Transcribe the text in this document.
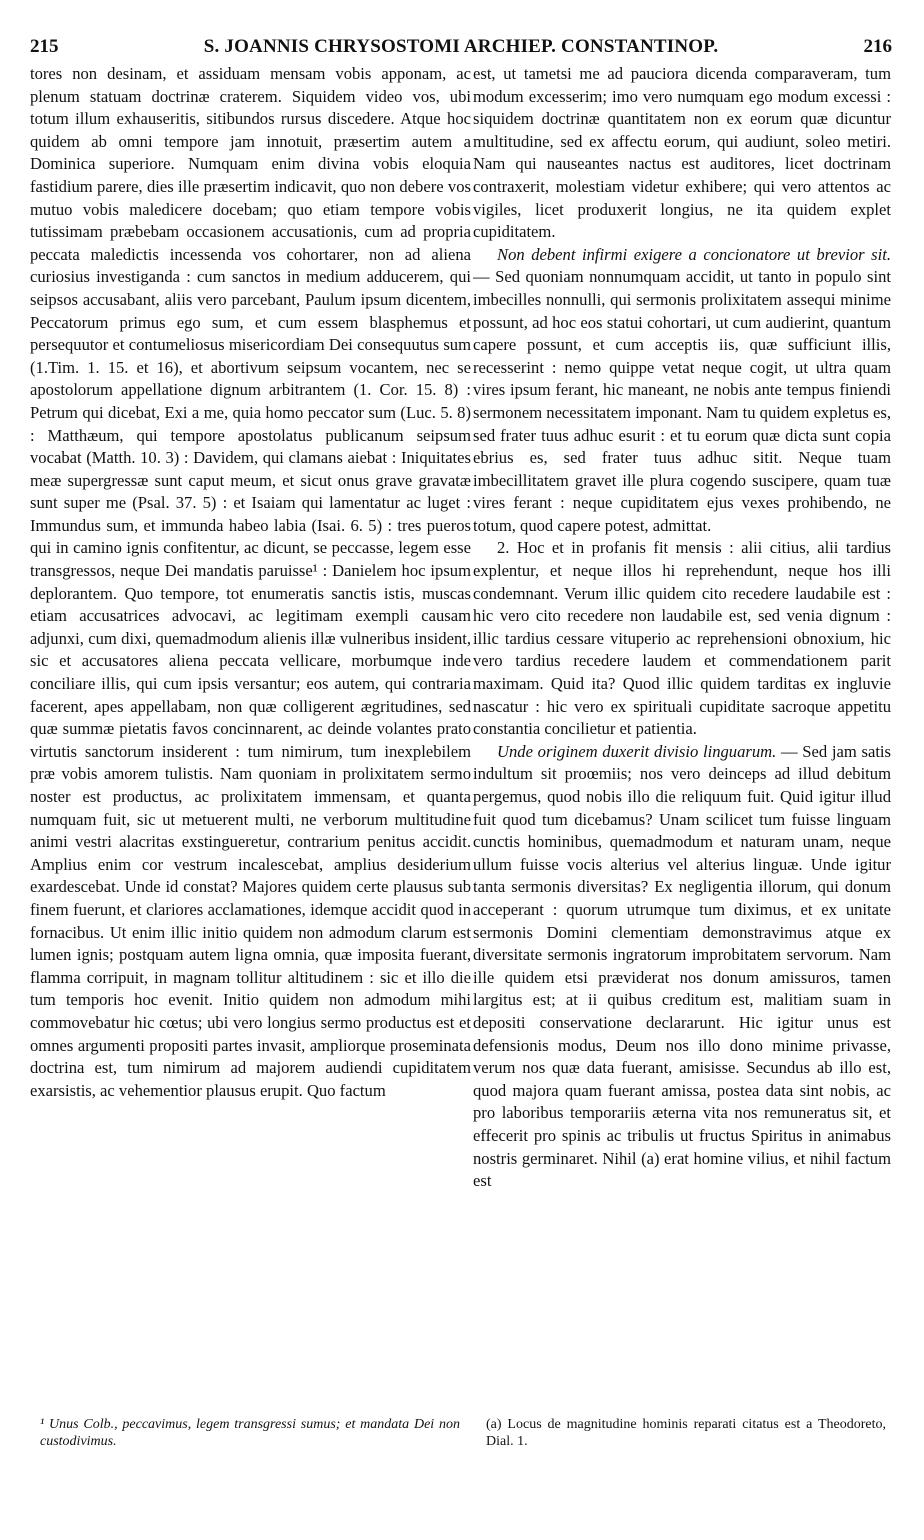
215	S. JOANNIS CHRYSOSTOMI ARCHIEP. CONSTANTINOP.	216

tores non desinam, et assiduam mensam vobis apponam, ac plenum statuam doctrinæ craterem. Siquidem video vos, ubi totum illum exhauseritis, sitibundos rursus discedere. Atque hoc quidem ab omni tempore jam innotuit, præsertim autem a Dominica superiore. Numquam enim divina vobis eloquia fastidium parere, dies ille præsertim indicavit, quo non debere vos mutuo vobis maledicere docebam; quo etiam tempore vobis tutissimam præbebam occasionem accusationis, cum ad propria peccata maledictis incessenda vos cohortarer, non ad aliena curiosius investiganda : cum sanctos in medium adducerem, qui seipsos accusabant, aliis vero parcebant, Paulum ipsum dicentem, Peccatorum primus ego sum, et cum essem blasphemus et persequutor et contumeliosus misericordiam Dei consequutus sum (1.Tim. 1. 15. et 16), et abortivum seipsum vocantem, nec se apostolorum appellatione dignum arbitrantem (1. Cor. 15. 8) : Petrum qui dicebat, Exi a me, quia homo peccator sum (Luc. 5. 8) : Matthæum, qui tempore apostolatus publicanum seipsum vocabat (Matth. 10. 3) : Davidem, qui clamans aiebat : Iniquitates meæ supergressæ sunt caput meum, et sicut onus grave gravatæ sunt super me (Psal. 37. 5) : et Isaiam qui lamentatur ac luget : Immundus sum, et immunda habeo labia (Isai. 6. 5) : tres pueros qui in camino ignis confitentur, ac dicunt, se peccasse, legem esse transgressos, neque Dei mandatis paruisse¹ : Danielem hoc ipsum deplorantem. Quo tempore, tot enumeratis sanctis istis, muscas etiam accusatrices advocavi, ac legitimam exempli causam adjunxi, cum dixi, quemadmodum alienis illæ vulneribus insident, sic et accusatores aliena peccata vellicare, morbumque inde conciliare illis, qui cum ipsis versantur; eos autem, qui contraria facerent, apes appellabam, non quæ colligerent ægritudines, sed quæ summæ pietatis favos concinnarent, ac deinde volantes prato virtutis sanctorum insiderent : tum nimirum, tum inexplebilem præ vobis amorem tulistis. Nam quoniam in prolixitatem sermo noster est productus, ac prolixitatem immensam, et quanta numquam fuit, sic ut metuerent multi, ne verborum multitudine animi vestri alacritas exstingueretur, contrarium penitus accidit. Amplius enim cor vestrum incalescebat, amplius desiderium exardescebat. Unde id constat? Majores quidem certe plausus sub finem fuerunt, et clariores acclamationes, idemque accidit quod in fornacibus. Ut enim illic initio quidem non admodum clarum est lumen ignis; postquam autem ligna omnia, quæ imposita fuerant, flamma corripuit, in magnam tollitur altitudinem : sic et illo die tum temporis hoc evenit. Initio quidem non admodum mihi commovebatur hic cœtus; ubi vero longius sermo productus est et omnes argumenti propositi partes invasit, ampliorque proseminata doctrina est, tum nimirum ad majorem audiendi cupiditatem exarsistis, ac vehementior plausus erupit. Quo factum

est, ut tametsi me ad pauciora dicenda comparaveram, tum modum excesserim; imo vero numquam ego modum excessi : siquidem doctrinæ quantitatem non ex eorum quæ dicuntur multitudine, sed ex affectu eorum, qui audiunt, soleo metiri. Nam qui nauseantes nactus est auditores, licet doctrinam contraxerit, molestiam videtur exhibere; qui vero attentos ac vigiles, licet produxerit longius, ne ita quidem explet cupiditatem.

Non debent infirmi exigere a concionatore ut brevior sit. — Sed quoniam nonnumquam accidit, ut tanto in populo sint imbecilles nonnulli, qui sermonis prolixitatem assequi minime possunt, ad hoc eos statui cohortari, ut cum audierint, quantum capere possunt, et cum acceptis iis, quæ sufficiunt illis, recesserint : nemo quippe vetat neque cogit, ut ultra quam vires ipsum ferant, hic maneant, ne nobis ante tempus finiendi sermonem necessitatem imponant. Nam tu quidem expletus es, sed frater tuus adhuc esurit : et tu eorum quæ dicta sunt copia ebrius es, sed frater tuus adhuc sitit. Neque tuam imbecillitatem gravet ille plura cogendo suscipere, quam tuæ vires ferant : neque cupiditatem ejus vexes prohibendo, ne totum, quod capere potest, admittat.

2. Hoc et in profanis fit mensis : alii citius, alii tardius explentur, et neque illos hi reprehendunt, neque hos illi condemnant. Verum illic quidem cito recedere laudabile est : hic vero cito recedere non laudabile est, sed venia dignum : illic tardius cessare vituperio ac reprehensioni obnoxium, hic vero tardius recedere laudem et commendationem parit maximam. Quid ita? Quod illic quidem tarditas ex ingluvie nascatur : hic vero ex spirituali cupiditate sacroque appetitu constantia concilietur et patientia.

Unde originem duxerit divisio linguarum. — Sed jam satis indultum sit proœmiis; nos vero deinceps ad illud debitum pergemus, quod nobis illo die reliquum fuit. Quid igitur illud fuit quod tum dicebamus? Unam scilicet tum fuisse linguam cunctis hominibus, quemadmodum et naturam unam, neque ullum fuisse vocis alterius vel alterius linguæ. Unde igitur tanta sermonis diversitas? Ex negligentia illorum, qui donum acceperant : quorum utrumque tum diximus, et ex unitate sermonis Domini clementiam demonstravimus atque ex diversitate sermonis ingratorum improbitatem servorum. Nam ille quidem etsi præviderat nos donum amissuros, tamen largitus est; at ii quibus creditum est, malitiam suam in depositi conservatione declararunt. Hic igitur unus est defensionis modus, Deum nos illo dono minime privasse, verum nos quæ data fuerant, amisisse. Secundus ab illo est, quod majora quam fuerant amissa, postea data sint nobis, ac pro laboribus temporariis æterna vita nos remuneratus sit, et effecerit pro spinis ac tribulis ut fructus Spiritus in animabus nostris germinaret. Nihil (a) erat homine vilius, et nihil factum est

¹ Unus Colb., peccavimus, legem transgressi sumus; et mandata Dei non custodivimus.
(a) Locus de magnitudine hominis reparati citatus est a Theodoreto, Dial. 1.
